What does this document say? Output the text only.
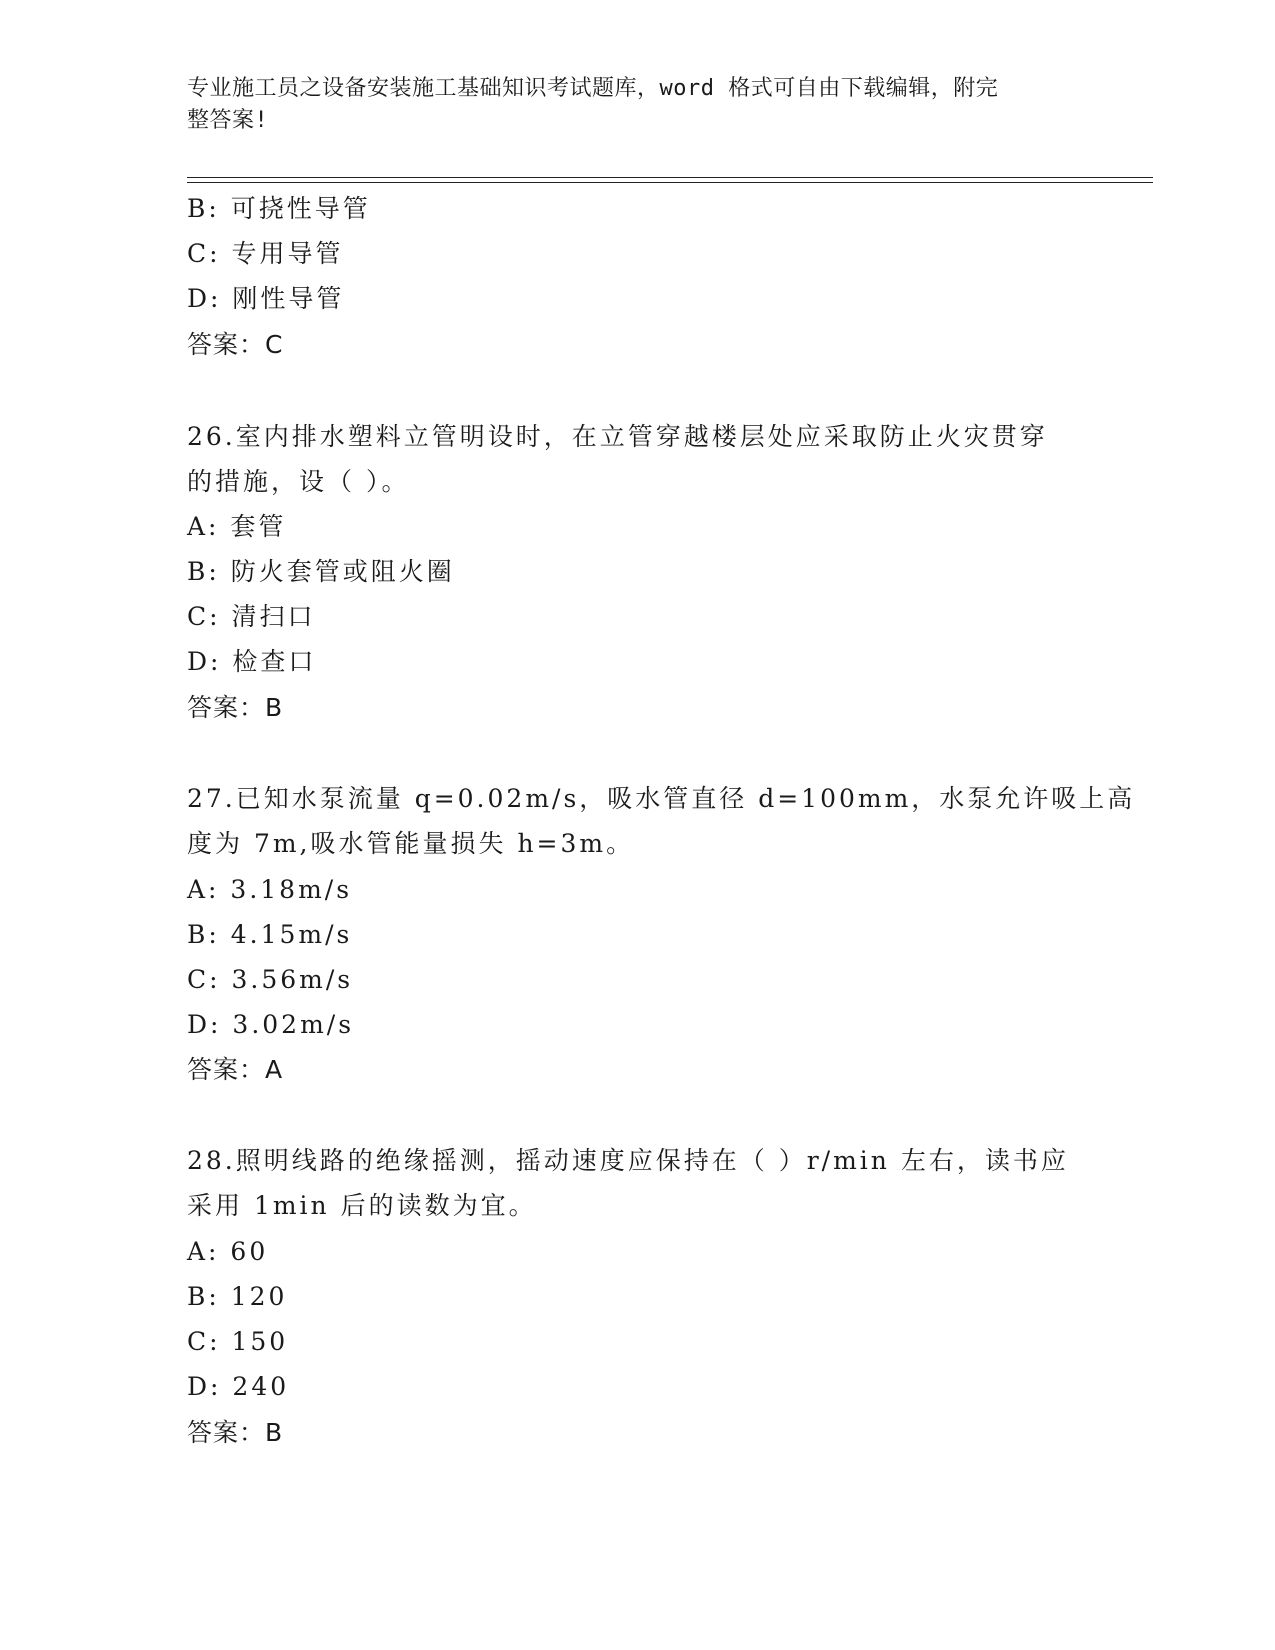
专业施工员之设备安装施工基础知识考试题库，word 格式可自由下载编辑，附完
整答案!
B: 可挠性导管
C: 专用导管
D: 刚性导管
答案：C
26.室内排水塑料立管明设时，在立管穿越楼层处应采取防止火灾贯穿
的措施，设（ ）。
A: 套管
B: 防火套管或阻火圈
C: 清扫口
D: 检查口
答案：B
27.已知水泵流量 q=0.02m/s，吸水管直径 d=100mm，水泵允许吸上高
度为 7m,吸水管能量损失 h=3m。
A: 3.18m/s
B: 4.15m/s
C: 3.56m/s
D: 3.02m/s
答案：A
28.照明线路的绝缘摇测，摇动速度应保持在（ ）r/min 左右，读书应
采用 1min 后的读数为宜。
A: 60
B: 120
C: 150
D: 240
答案：B
